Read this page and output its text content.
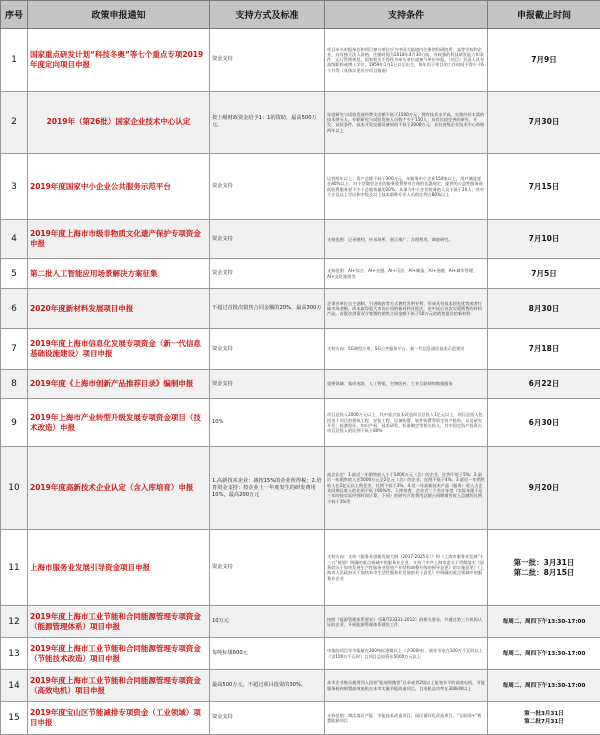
序号	政策申报通知	支持方式及标准	支持条件	申报截止时间
1	国家重点研发计划“科技冬奥”等七个重点专项2019年度定向项目申报	资金支持	项目牵头申报单位和项目参与单位应为中国大陆境内注册的科研院所、高等学校和企业，具有独立法人资格，注册时间为2018年4月30日前，有较强的科技研发能力和条件，运行管理规范。国家机关不得作为牵头单位或参与单位申报。（项目）负责人具有高级职称或博士学位，1959年1月1日以后出生，每年用于项目的工作时间不得少于6个月等（具体详见对应项目指南）	7月9日
2	2019年（第26批）国家企业技术中心认定	按上级财政资金给予1：1的资助，最高500万元。	年度研究与试验发展经费支出额不低于1500万元；拥有技术水平高、实践经验丰富的技术带头人，专职研究与试验发展人员数不少于150人；具有比较完善的研究、开发、试验条件，技术开发仪器设备原值不低于2000万元；具有省级企业技术中心资格两年以上	7月30日
3	2019年度国家中小企业公共服务示范平台	资金支持	运营两年以上；资产总额不低于300万元，年服务中小企业150家以上，用户满意度在80%以上；对小型微型企业的服务收费要有合理的优惠规定，提供的公益性服务或低收费服务要不少于总服务量的20%，从事为中小企业服务的人员不低于20人，其中大专及以上学历和中级及以上技术职称专业人员的比例占80%以上	7月15日
4	2019年度上海市市级非物质文化遗产保护专项资金申报	资金支持	支持范围：记录建档、传承场所、展示推广、合理利用、调查研究。	7月10日
5	第二批人工智能应用场景解决方案征集	资金支持	支持范围：AI+综合、AI+交通、AI+司法、AI+制造、AI+金融、AI+城市管理、AI+文化旅游等	7月5日
6	2020年度新材料发展项目申报	不超过首批次销售合同金额的20%，最高300万	企事业单位自主创制、引进吸收等方式拥有发明专利，形成具有技术领先优势或者打破市场垄断，尚未取得重大市场应用的新材料首批次，由中试后首次实现销售的材料产品，首批次供需双方签署的销售合同金额不低于50万元的销售批次的新材料	8月30日
7	2019年度上海市信息化发展专项资金（新一代信息基础设施建设）项目申报	资金支持	支持方向：5G典型应用、5G公共服务平台、新一代信息通信技术示范建设	7月18日
8	2019年度《上海市创新产品推荐目录》编制申报	资金支持	重要领域：集成电路、人工智能、生物医药、工业互联网和数据服务	6月22日
9	2019年上海市产业转型升级发展专项资金项目（技术改造）申报	10%	项目总投入2000万元以上，其中重点技术改造项目总投入1亿元以上，项目总投入包括用于项目的建筑工程、安装工程、设备购置、软件购置等固定资产投资，以及研究开发、检测验证、知识产权、技术研发、标准制定等相关投入，其中固定资产投资占项目总投入的比例不低于80%	6月30日
10	2019年度高新技术企业认定（含入库培育）申报	1.高新技术企业：减按15%的企业所得税；2.培育资金支持：按企业上一年度发生的研发费用10%，最高200万元	高企认定：1.最近一年销售收入小于5000万元（含）的企业，比例不低于5%；2.最近一年销售收入在5000万元至2亿元（含）的企业，比例不低于4%；3.最近一年销售收入在2亿元以上的企业，比例不低于3%。4.近一年高新技术产品（服务）收入占企业同期总收入的比例不低于60%等。入库培育：企业近三个会计年度（实际年限不足三年的按实际经营时间计算，下同）的研究开发费用总额占同期销售收入总额的比例不低于3%等	9月20日
11	上海市服务业发展引导资金项目申报	资金支持	支持方向：支持《服务业创新发展大纲（2017-2025年）》和《上海市服务业发展“十三五”规划》明确的重点领域中的服务业企业、支持《中共上海市委关于贯彻落实《国务院关于加快发展生产性服务业促进产业结构调整升级的指导意见》的实施意见》《上海市人民政府关于加快本市生活性服务业发展的若干意见》中明确的重点领域中的服务业企业	第一批：3月31日
第二批：8月15日

12	2019年度上海市工业节能和合同能源管理专项资金（能源管理体系）项目申报	10万元	按照《能源管理体系要求》（GB/T23331-2012）的相关要求，并通过第三方机构认证的企业，开展能源管理体系建设工作	每周二、周四下午13:30-17:00
13	2019年度上海市工业节能和合同能源管理专项资金（节能技术改造）项目申报	每吨标煤600元	申报的项目年节能量在300吨标准煤以上（含300吨），或年节电在100万千瓦时以上（含100万千瓦时）且项目总投资在5000万元以上	每周二、周四下午13:30-17:00
14	2019年度上海市工业节能和合同能源管理专项资金（高效电机）项目申报	最高500万元，不超过项目投资的30%。	本市企业购买使用列入国家“能效领跑者”目录或者2级以上能效水平的高效电机，节能服务机构购置高效电机在本市实施节能改造项目，且电机总功率在300kW以上	每周二、周四下午13:30-17:00
15	2019年度宝山区节能减排专项资金（工业领域）项目申报	资金支持	支持范围：淘汰落后产能、节能技术改造项目、园区循环化改造项目、“互联网+”智慧能源项目	第一批3月31日
第二批7月31日
